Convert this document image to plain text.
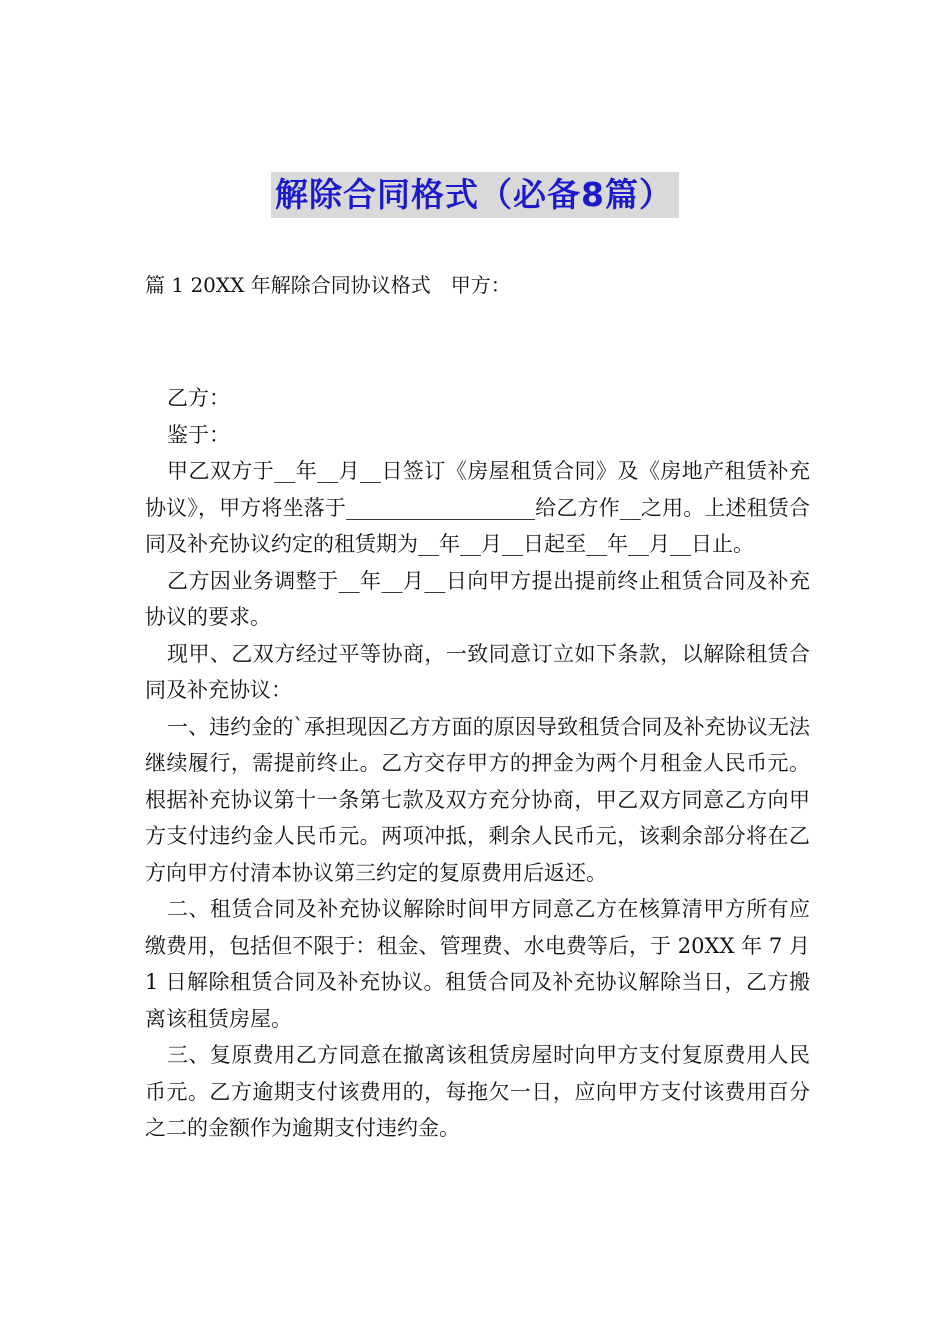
解除合同格式（必备8篇）
篇 1 20XX 年解除合同协议格式 甲方：

乙方：

鉴于：

甲乙双方于__年__月__日签订《房屋租赁合同》及《房地产租赁补充协议》，甲方将坐落于__________________给乙方作__之用。上述租赁合同及补充协议约定的租赁期为__年__月__日起至__年__月__日止。

乙方因业务调整于__年__月__日向甲方提出提前终止租赁合同及补充协议的要求。

现甲、乙双方经过平等协商，一致同意订立如下条款，以解除租赁合同及补充协议：

一、违约金的`承担现因乙方方面的原因导致租赁合同及补充协议无法继续履行，需提前终止。乙方交存甲方的押金为两个月租金人民币元。根据补充协议第十一条第七款及双方充分协商，甲乙双方同意乙方向甲方支付违约金人民币元。两项冲抵，剩余人民币元，该剩余部分将在乙方向甲方付清本协议第三约定的复原费用后返还。

二、租赁合同及补充协议解除时间甲方同意乙方在核算清甲方所有应缴费用，包括但不限于：租金、管理费、水电费等后，于 20XX 年 7 月 1 日解除租赁合同及补充协议。租赁合同及补充协议解除当日，乙方搬离该租赁房屋。

三、复原费用乙方同意在撤离该租赁房屋时向甲方支付复原费用人民币元。乙方逾期支付该费用的，每拖欠一日，应向甲方支付该费用百分之二的金额作为逾期支付违约金。
